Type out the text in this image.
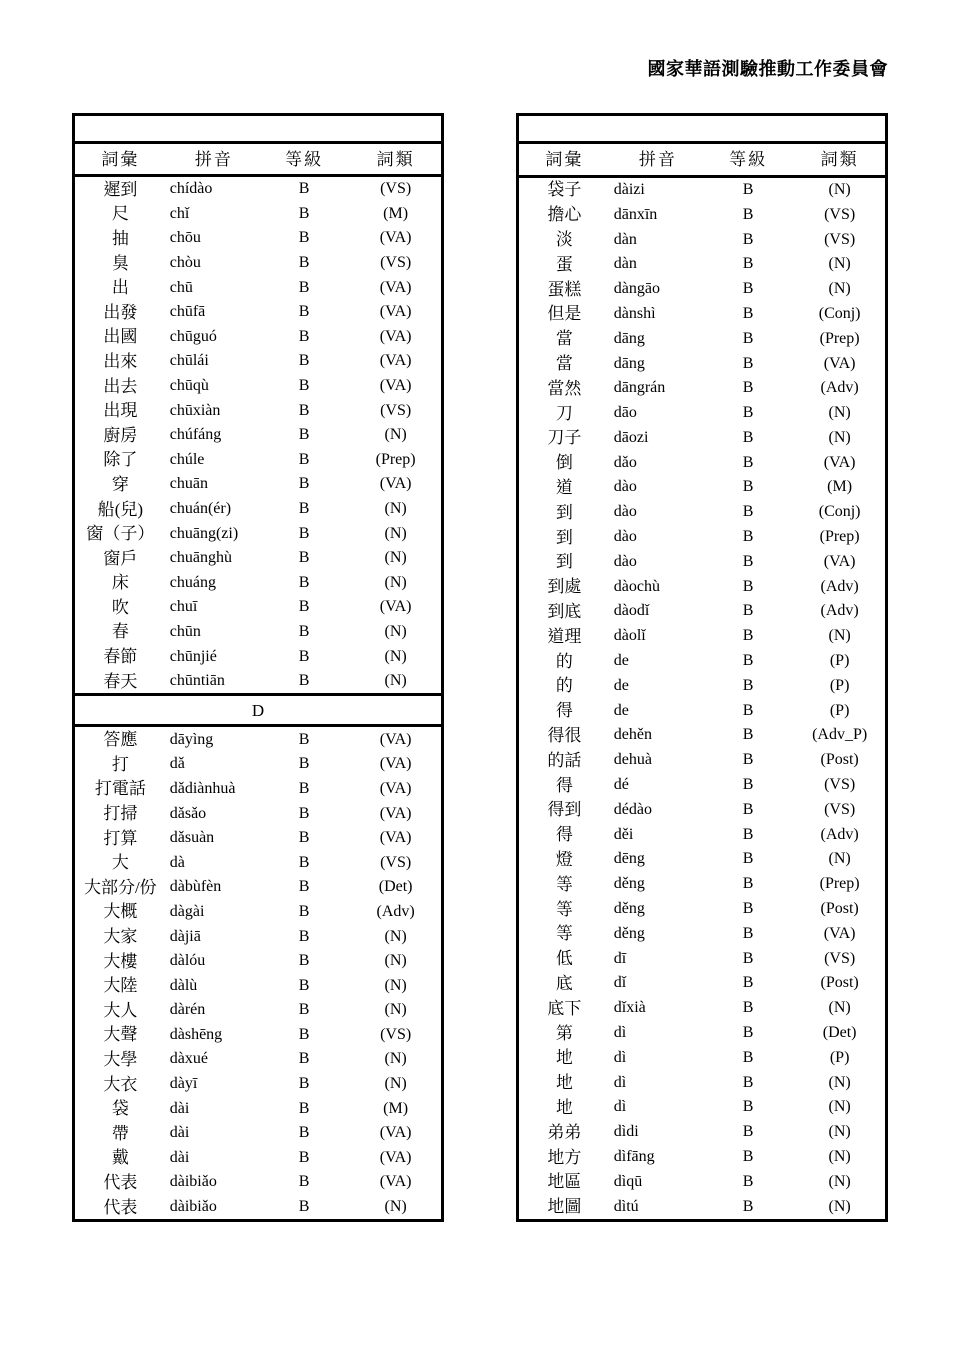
國家華語測驗推動工作委員會

詞彙	拼音	等級	詞類
遲到	chídào	B	(VS)
尺	chǐ	B	(M)
抽	chōu	B	(VA)
臭	chòu	B	(VS)
出	chū	B	(VA)
出發	chūfā	B	(VA)
出國	chūguó	B	(VA)
出來	chūlái	B	(VA)
出去	chūqù	B	(VA)
出現	chūxiàn	B	(VS)
廚房	chúfáng	B	(N)
除了	chúle	B	(Prep)
穿	chuān	B	(VA)
船(兒)	chuán(ér)	B	(N)
窗（子）	chuāng(zi)	B	(N)
窗戶	chuānghù	B	(N)
床	chuáng	B	(N)
吹	chuī	B	(VA)
春	chūn	B	(N)
春節	chūnjié	B	(N)
春天	chūntiān	B	(N)
D			
答應	dāyìng	B	(VA)
打	dǎ	B	(VA)
打電話	dǎdiànhuà	B	(VA)
打掃	dǎsǎo	B	(VA)
打算	dǎsuàn	B	(VA)
大	dà	B	(VS)
大部分/份	dàbùfèn	B	(Det)
大概	dàgài	B	(Adv)
大家	dàjiā	B	(N)
大樓	dàlóu	B	(N)
大陸	dàlù	B	(N)
大人	dàrén	B	(N)
大聲	dàshēng	B	(VS)
大學	dàxué	B	(N)
大衣	dàyī	B	(N)
袋	dài	B	(M)
帶	dài	B	(VA)
戴	dài	B	(VA)
代表	dàibiǎo	B	(VA)
代表	dàibiǎo	B	(N)

詞彙	拼音	等級	詞類
袋子	dàizi	B	(N)
擔心	dānxīn	B	(VS)
淡	dàn	B	(VS)
蛋	dàn	B	(N)
蛋糕	dàngāo	B	(N)
但是	dànshì	B	(Conj)
當	dāng	B	(Prep)
當	dāng	B	(VA)
當然	dāngrán	B	(Adv)
刀	dāo	B	(N)
刀子	dāozi	B	(N)
倒	dǎo	B	(VA)
道	dào	B	(M)
到	dào	B	(Conj)
到	dào	B	(Prep)
到	dào	B	(VA)
到處	dàochù	B	(Adv)
到底	dàodǐ	B	(Adv)
道理	dàolǐ	B	(N)
的	de	B	(P)
的	de	B	(P)
得	de	B	(P)
得很	dehěn	B	(Adv_P)
的話	dehuà	B	(Post)
得	dé	B	(VS)
得到	dédào	B	(VS)
得	děi	B	(Adv)
燈	dēng	B	(N)
等	děng	B	(Prep)
等	děng	B	(Post)
等	děng	B	(VA)
低	dī	B	(VS)
底	dǐ	B	(Post)
底下	dǐxià	B	(N)
第	dì	B	(Det)
地	dì	B	(P)
地	dì	B	(N)
地	dì	B	(N)
弟弟	dìdi	B	(N)
地方	dìfāng	B	(N)
地區	dìqū	B	(N)
地圖	dìtú	B	(N)
